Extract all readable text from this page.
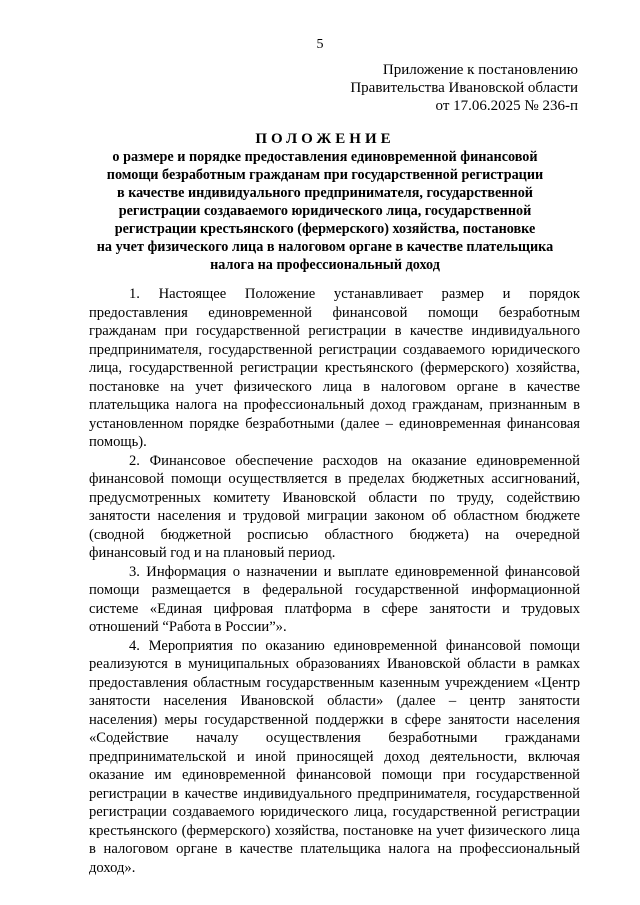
5
Приложение к постановлению
Правительства Ивановской области
от 17.06.2025 № 236-п
ПОЛОЖЕНИЕ
о размере и порядке предоставления единовременной финансовой
помощи безработным гражданам при государственной регистрации
в качестве индивидуального предпринимателя, государственной
регистрации создаваемого юридического лица, государственной
регистрации крестьянского (фермерского) хозяйства, постановке
на учет физического лица в налоговом органе в качестве плательщика
налога на профессиональный доход

1. Настоящее Положение устанавливает размер и порядок предоставления единовременной финансовой помощи безработным гражданам при государственной регистрации в качестве индивидуального предпринимателя, государственной регистрации создаваемого юридического лица, государственной регистрации крестьянского (фермерского) хозяйства, постановке на учет физического лица в налоговом органе в качестве плательщика налога на профессиональный доход гражданам, признанным в установленном порядке безработными (далее – единовременная финансовая помощь).

2. Финансовое обеспечение расходов на оказание единовременной финансовой помощи осуществляется в пределах бюджетных ассигнований, предусмотренных комитету Ивановской области по труду, содействию занятости населения и трудовой миграции законом об областном бюджете (сводной бюджетной росписью областного бюджета) на очередной финансовый год и на плановый период.

3. Информация о назначении и выплате единовременной финансовой помощи размещается в федеральной государственной информационной системе «Единая цифровая платформа в сфере занятости и трудовых отношений “Работа в России”».

4. Мероприятия по оказанию единовременной финансовой помощи реализуются в муниципальных образованиях Ивановской области в рамках предоставления областным государственным казенным учреждением «Центр занятости населения Ивановской области» (далее – центр занятости населения) меры государственной поддержки в сфере занятости населения «Содействие началу осуществления безработными гражданами предпринимательской и иной приносящей доход деятельности, включая оказание им единовременной финансовой помощи при государственной регистрации в качестве индивидуального предпринимателя, государственной регистрации создаваемого юридического лица, государственной регистрации крестьянского (фермерского) хозяйства, постановке на учет физического лица в налоговом органе в качестве плательщика налога на профессиональный доход».
